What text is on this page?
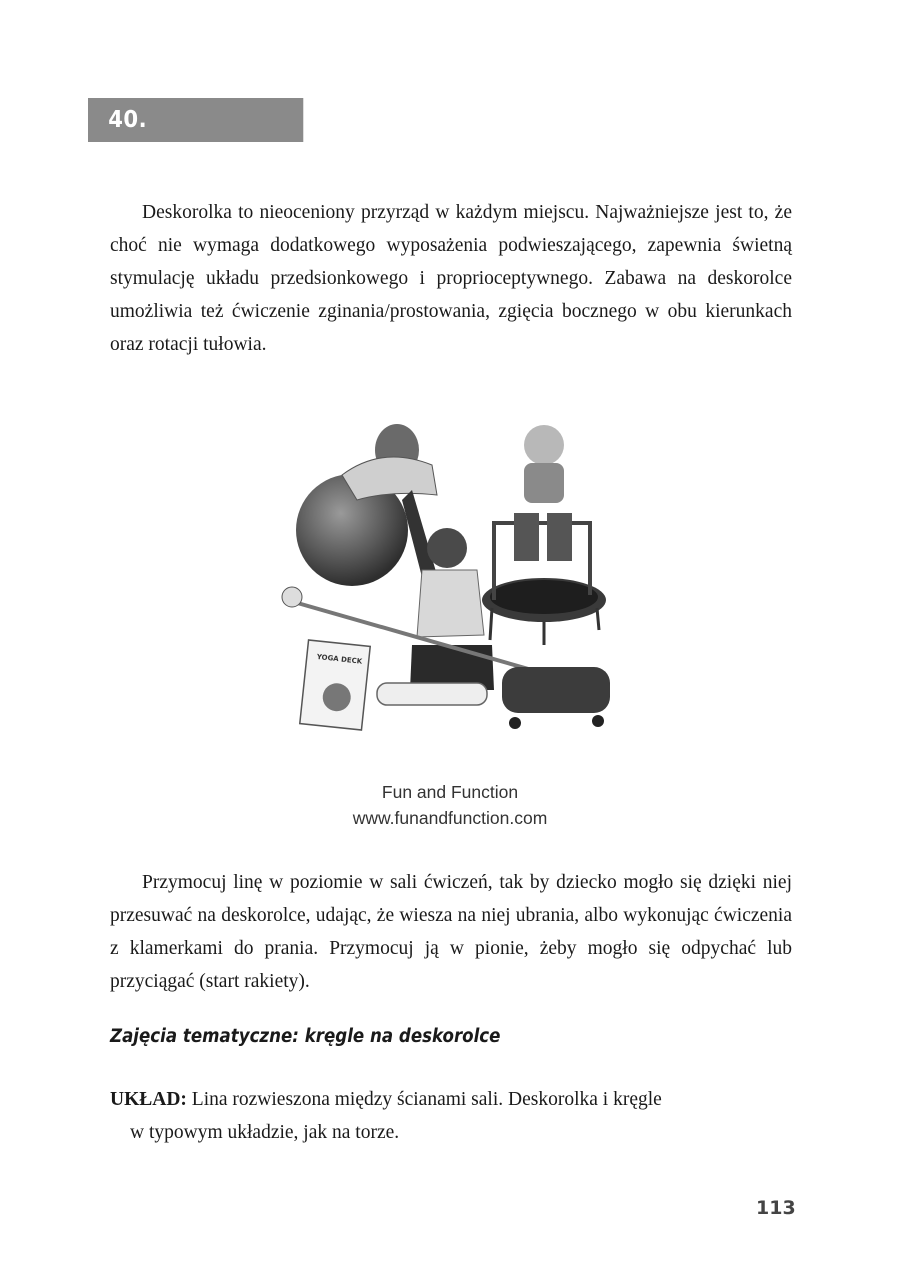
40. DESKOROLKA

Deskorolka to nieoceniony przyrząd w każdym miejscu. Najważniejsze jest to, że choć nie wymaga dodatkowego wyposażenia podwieszającego, zapewnia świetną stymulację układu przedsionkowego i proprioceptywnego. Zabawa na deskorolce umożliwia też ćwiczenie zginania/prostowania, zgięcia bocznego w obu kierunkach oraz rotacji tułowia.

YOGA DECK
Fun and Function
www.funandfunction.com

Przymocuj linę w poziomie w sali ćwiczeń, tak by dziecko mogło się dzięki niej przesuwać na deskorolce, udając, że wiesza na niej ubrania, albo wykonując ćwiczenia z klamerkami do prania. Przymocuj ją w pionie, żeby mogło się odpychać lub przyciągać (start rakiety).

Zajęcia tematyczne: kręgle na deskorolce
UKŁAD: Lina rozwieszona między ścianami sali. Deskorolka i kręgle
w typowym układzie, jak na torze.
113
